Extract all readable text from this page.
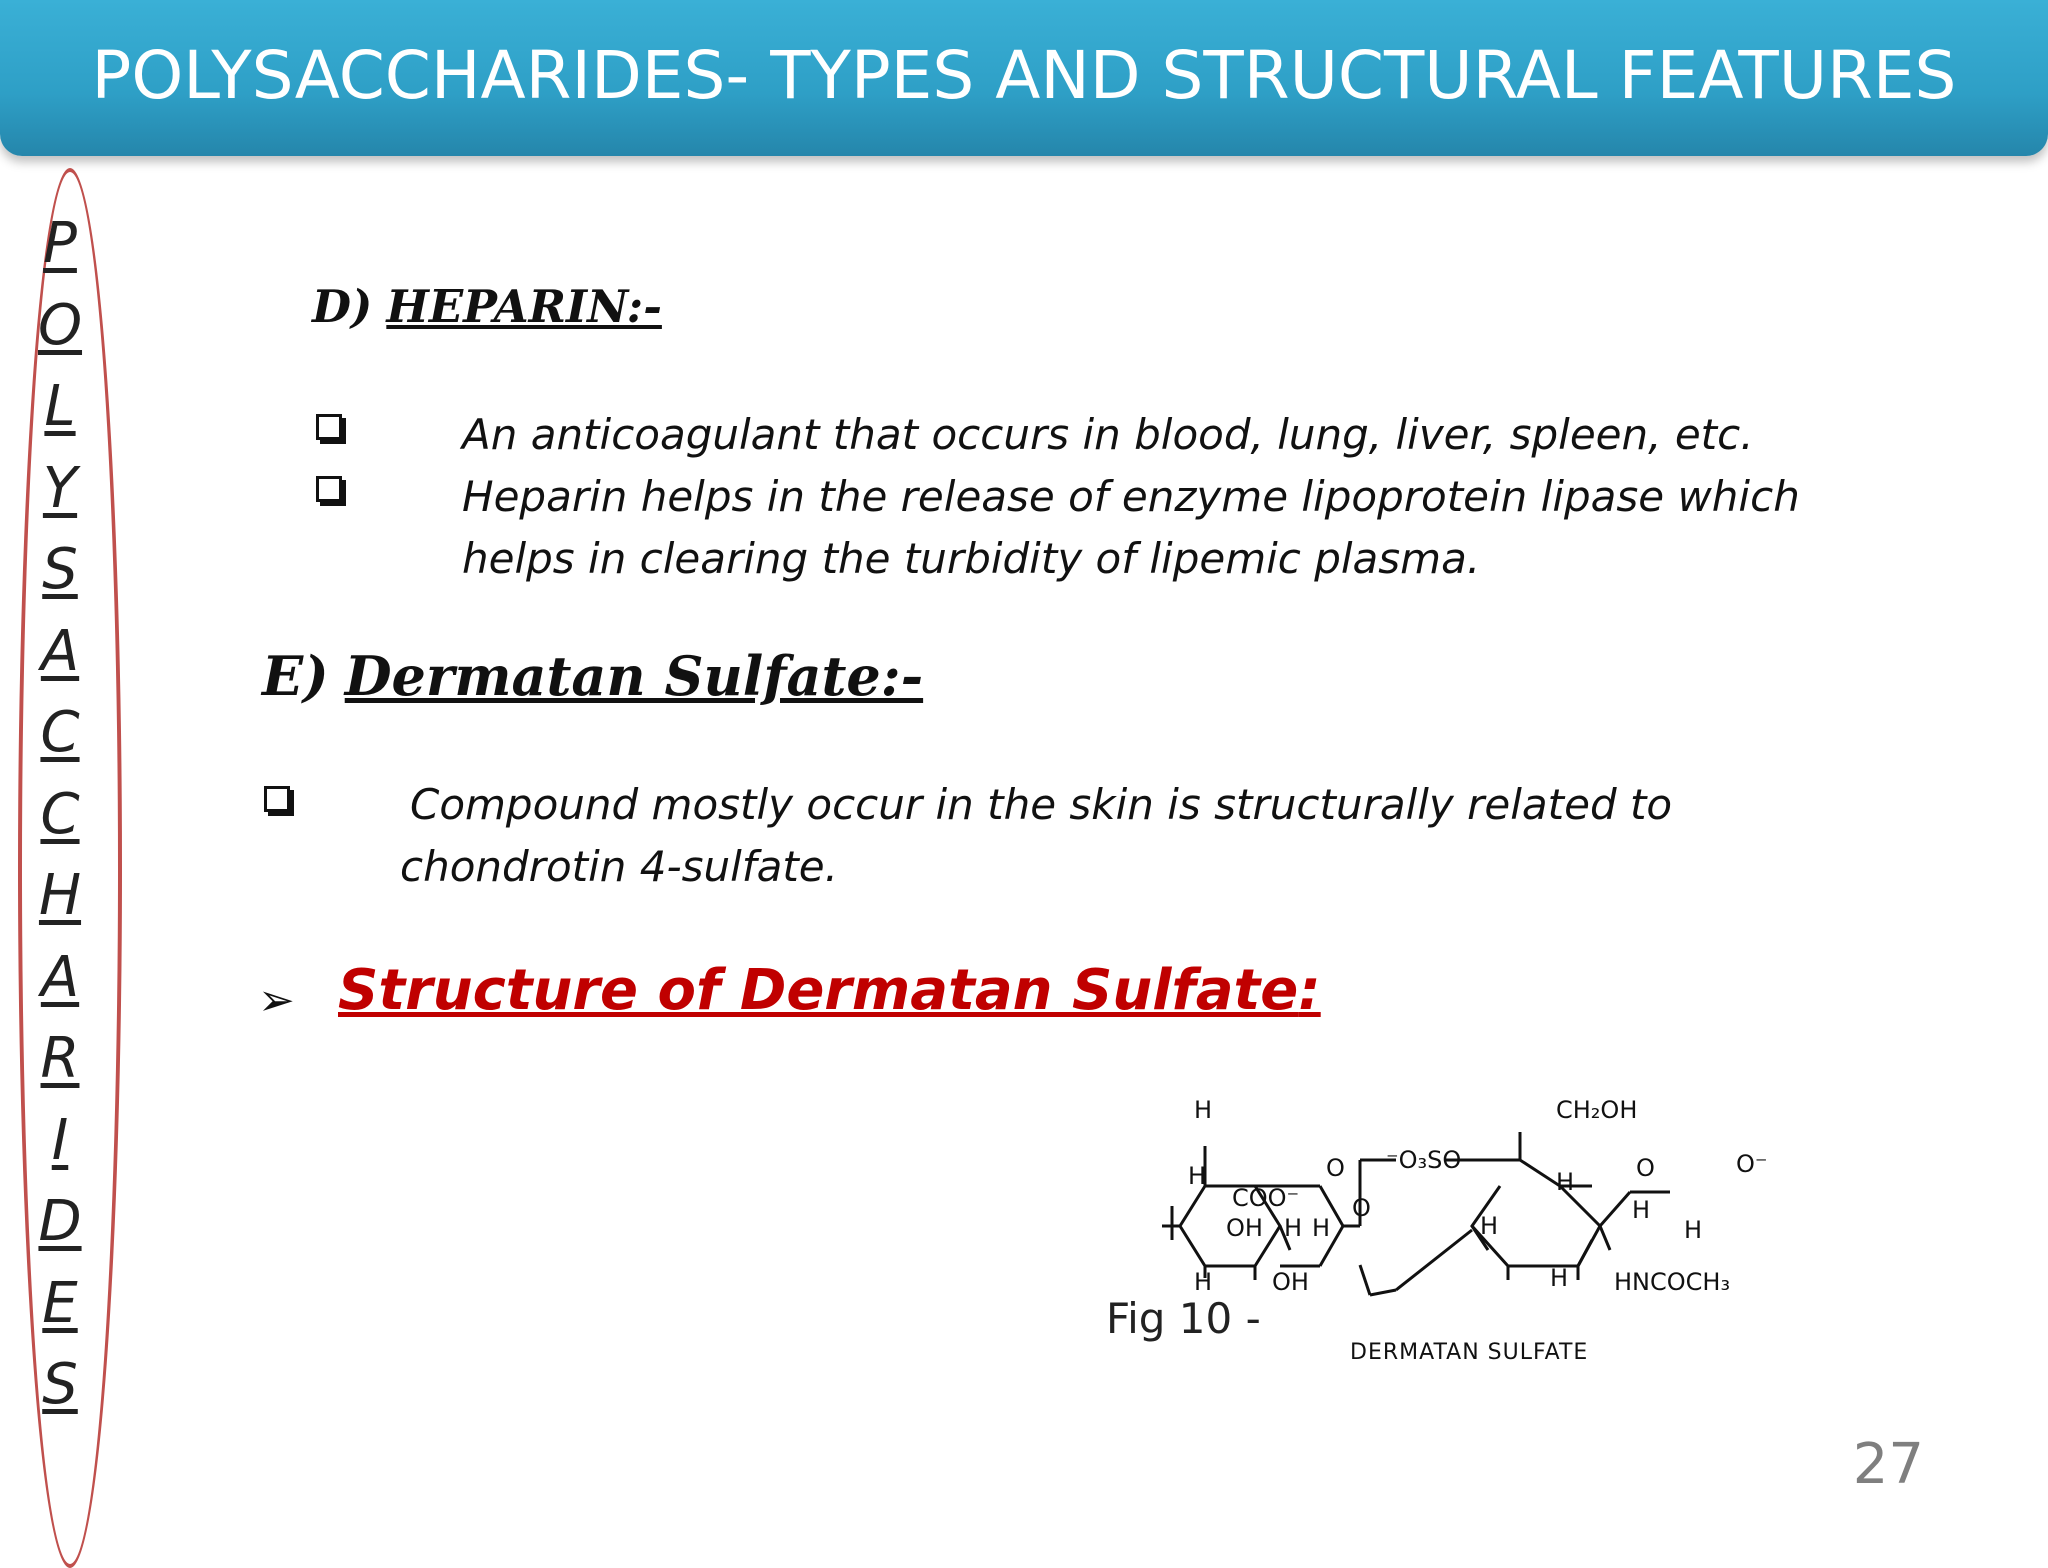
POLYSACCHARIDES- TYPES AND STRUCTURAL FEATURES
P
O
L
Y
S
A
C
C
H
A
R
I
D
E
S
D) HEPARIN:-
An anticoagulant that occurs in blood, lung, liver, spleen, etc.
Heparin helps in the release of enzyme lipoprotein lipase which
helps in clearing the turbidity of lipemic plasma.
E) Dermatan Sulfate:-
Compound mostly occur in the skin is structurally related to
chondrotin 4-sulfate.
➢ Structure of Dermatan Sulfate:
Fig 10 -
H
H
COO⁻
OH H H
H OH
O ⁻O₃SO
O
CH₂OH
O
H
H
H
H
H HNCOCH₃
O⁻
DERMATAN SULFATE
27
